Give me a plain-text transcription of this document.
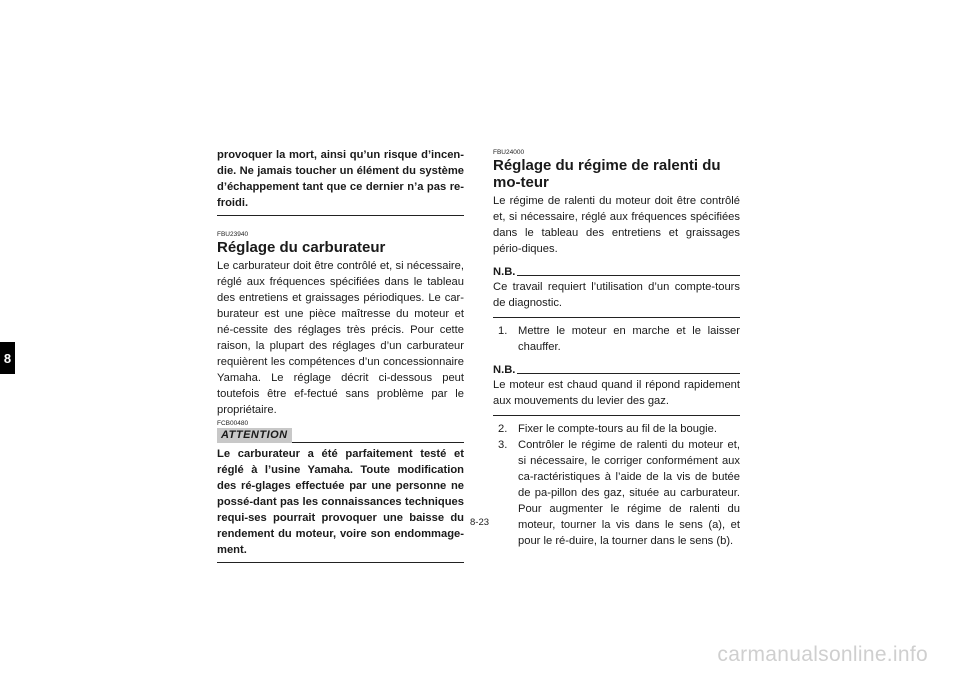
8

provoquer la mort, ainsi qu’un risque d’incen-die. Ne jamais toucher un élément du système d’échappement tant que ce dernier n’a pas re-froidi.

FBU23940
Réglage du carburateur

Le carburateur doit être contrôlé et, si nécessaire, réglé aux fréquences spécifiées dans le tableau des entretiens et graissages périodiques. Le car-burateur est une pièce maîtresse du moteur et né-cessite des réglages très précis. Pour cette raison, la plupart des réglages d’un carburateur requièrent les compétences d’un concessionnaire Yamaha. Le réglage décrit ci-dessous peut toutefois être ef-fectué sans problème par le propriétaire.

FCB00480
ATTENTION

Le carburateur a été parfaitement testé et réglé à l’usine Yamaha. Toute modification des ré-glages effectuée par une personne ne possé-dant pas les connaissances techniques requi-ses pourrait provoquer une baisse du rendement du moteur, voire son endommage-ment.

FBU24000
Réglage du régime de ralenti du mo-teur

Le régime de ralenti du moteur doit être contrôlé et, si nécessaire, réglé aux fréquences spécifiées dans le tableau des entretiens et graissages pério-diques.

N.B.

Ce travail requiert l’utilisation d’un compte-tours de diagnostic.

1. Mettre le moteur en marche et le laisser chauffer.
N.B.

Le moteur est chaud quand il répond rapidement aux mouvements du levier des gaz.

2. Fixer le compte-tours au fil de la bougie.
3. Contrôler le régime de ralenti du moteur et, si nécessaire, le corriger conformément aux ca-ractéristiques à l’aide de la vis de butée de pa-pillon des gaz, située au carburateur. Pour augmenter le régime de ralenti du moteur, tourner la vis dans le sens (a), et pour le ré-duire, la tourner dans le sens (b).
8-23
carmanualsonline.info
